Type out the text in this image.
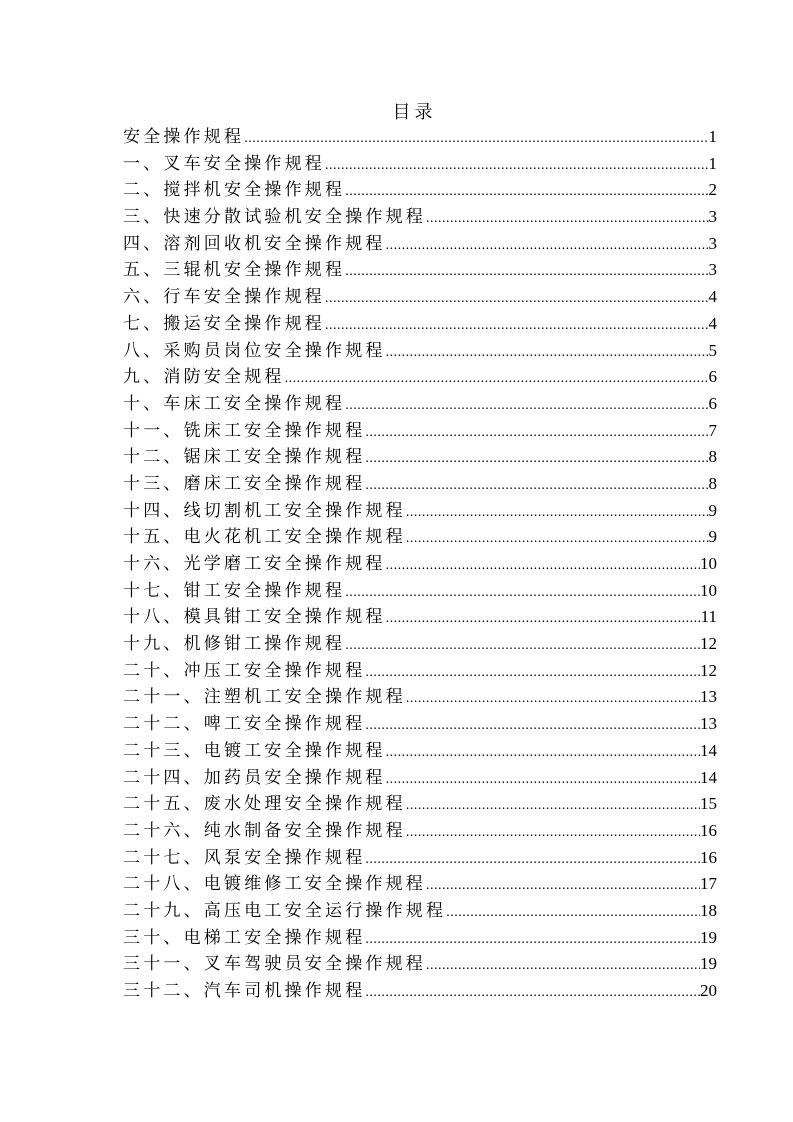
目录
安全操作规程 .....	1
一、叉车安全操作规程 .....	1
二、搅拌机安全操作规程 .....	2
三、快速分散试验机安全操作规程 .....	3
四、溶剂回收机安全操作规程 .....	3
五、三辊机安全操作规程 .....	3
六、行车安全操作规程 .....	4
七、搬运安全操作规程 .....	4
八、采购员岗位安全操作规程 .....	5
九、消防安全规程 .....	6
十、车床工安全操作规程 .....	6
十一、铣床工安全操作规程 .....	7
十二、锯床工安全操作规程 .....	8
十三、磨床工安全操作规程 .....	8
十四、线切割机工安全操作规程 .....	9
十五、电火花机工安全操作规程 .....	9
十六、光学磨工安全操作规程 .....	10
十七、钳工安全操作规程 .....	10
十八、模具钳工安全操作规程 .....	11
十九、机修钳工操作规程 .....	12
二十、冲压工安全操作规程 .....	12
二十一、注塑机工安全操作规程 .....	13
二十二、啤工安全操作规程 .....	13
二十三、电镀工安全操作规程 .....	14
二十四、加药员安全操作规程 .....	14
二十五、废水处理安全操作规程 .....	15
二十六、纯水制备安全操作规程 .....	16
二十七、风泵安全操作规程 .....	16
二十八、电镀维修工安全操作规程 .....	17
二十九、高压电工安全运行操作规程 .....	18
三十、电梯工安全操作规程 .....	19
三十一、叉车驾驶员安全操作规程 .....	19
三十二、汽车司机操作规程 .....	20
